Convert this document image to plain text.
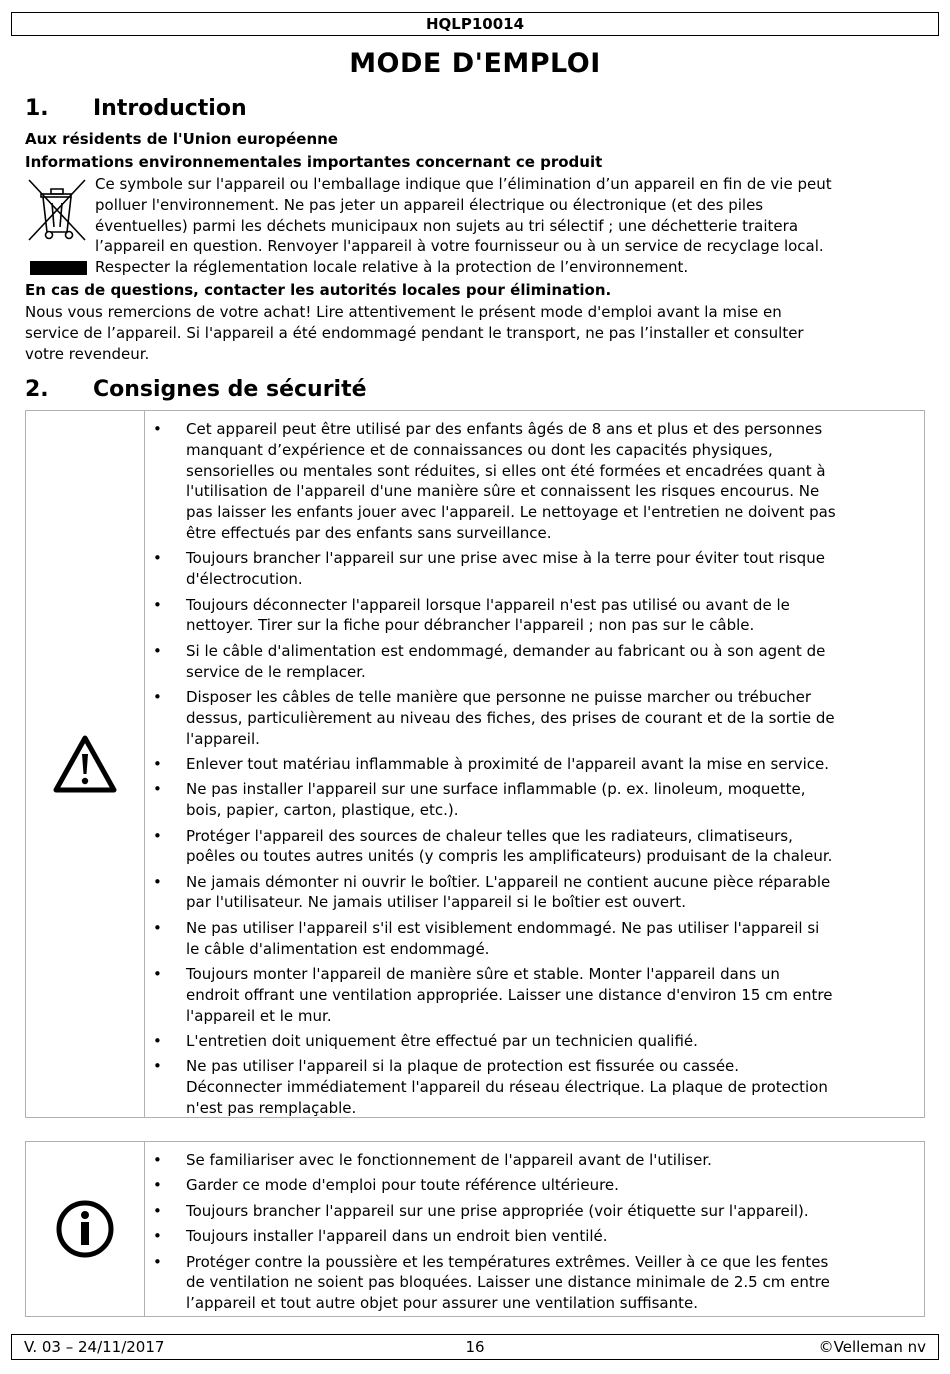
HQLP10014
MODE D'EMPLOI
1. Introduction
Aux résidents de l'Union européenne
Informations environnementales importantes concernant ce produit
Ce symbole sur l'appareil ou l'emballage indique que l’élimination d’un appareil en fin de vie peut
polluer l'environnement. Ne pas jeter un appareil électrique ou électronique (et des piles
éventuelles) parmi les déchets municipaux non sujets au tri sélectif ; une déchetterie traitera
l’appareil en question. Renvoyer l'appareil à votre fournisseur ou à un service de recyclage local.
Respecter la réglementation locale relative à la protection de l’environnement.
En cas de questions, contacter les autorités locales pour élimination.
Nous vous remercions de votre achat! Lire attentivement le présent mode d'emploi avant la mise en
service de l’appareil. Si l'appareil a été endommagé pendant le transport, ne pas l’installer et consulter
votre revendeur.
2. Consignes de sécurité
• Cet appareil peut être utilisé par des enfants âgés de 8 ans et plus et des personnes
manquant d’expérience et de connaissances ou dont les capacités physiques,
sensorielles ou mentales sont réduites, si elles ont été formées et encadrées quant à
l'utilisation de l'appareil d'une manière sûre et connaissent les risques encourus. Ne
pas laisser les enfants jouer avec l'appareil. Le nettoyage et l'entretien ne doivent pas
être effectués par des enfants sans surveillance.
• Toujours brancher l'appareil sur une prise avec mise à la terre pour éviter tout risque
d'électrocution.
• Toujours déconnecter l'appareil lorsque l'appareil n'est pas utilisé ou avant de le
nettoyer. Tirer sur la fiche pour débrancher l'appareil ; non pas sur le câble.
• Si le câble d'alimentation est endommagé, demander au fabricant ou à son agent de
service de le remplacer.
• Disposer les câbles de telle manière que personne ne puisse marcher ou trébucher
dessus, particulièrement au niveau des fiches, des prises de courant et de la sortie de
l'appareil.
• Enlever tout matériau inflammable à proximité de l'appareil avant la mise en service.
• Ne pas installer l'appareil sur une surface inflammable (p. ex. linoleum, moquette,
bois, papier, carton, plastique, etc.).
• Protéger l'appareil des sources de chaleur telles que les radiateurs, climatiseurs,
poêles ou toutes autres unités (y compris les amplificateurs) produisant de la chaleur.
• Ne jamais démonter ni ouvrir le boîtier. L'appareil ne contient aucune pièce réparable
par l'utilisateur. Ne jamais utiliser l'appareil si le boîtier est ouvert.
• Ne pas utiliser l'appareil s'il est visiblement endommagé. Ne pas utiliser l'appareil si
le câble d'alimentation est endommagé.
• Toujours monter l'appareil de manière sûre et stable. Monter l'appareil dans un
endroit offrant une ventilation appropriée. Laisser une distance d'environ 15 cm entre
l'appareil et le mur.
• L'entretien doit uniquement être effectué par un technicien qualifié.
• Ne pas utiliser l'appareil si la plaque de protection est fissurée ou cassée.
Déconnecter immédiatement l'appareil du réseau électrique. La plaque de protection
n'est pas remplaçable.
• Se familiariser avec le fonctionnement de l'appareil avant de l'utiliser.
• Garder ce mode d'emploi pour toute référence ultérieure.
• Toujours brancher l'appareil sur une prise appropriée (voir étiquette sur l'appareil).
• Toujours installer l'appareil dans un endroit bien ventilé.
• Protéger contre la poussière et les températures extrêmes. Veiller à ce que les fentes
de ventilation ne soient pas bloquées. Laisser une distance minimale de 2.5 cm entre
l’appareil et tout autre objet pour assurer une ventilation suffisante.
V. 03 – 24/11/2017	16	©Velleman nv
